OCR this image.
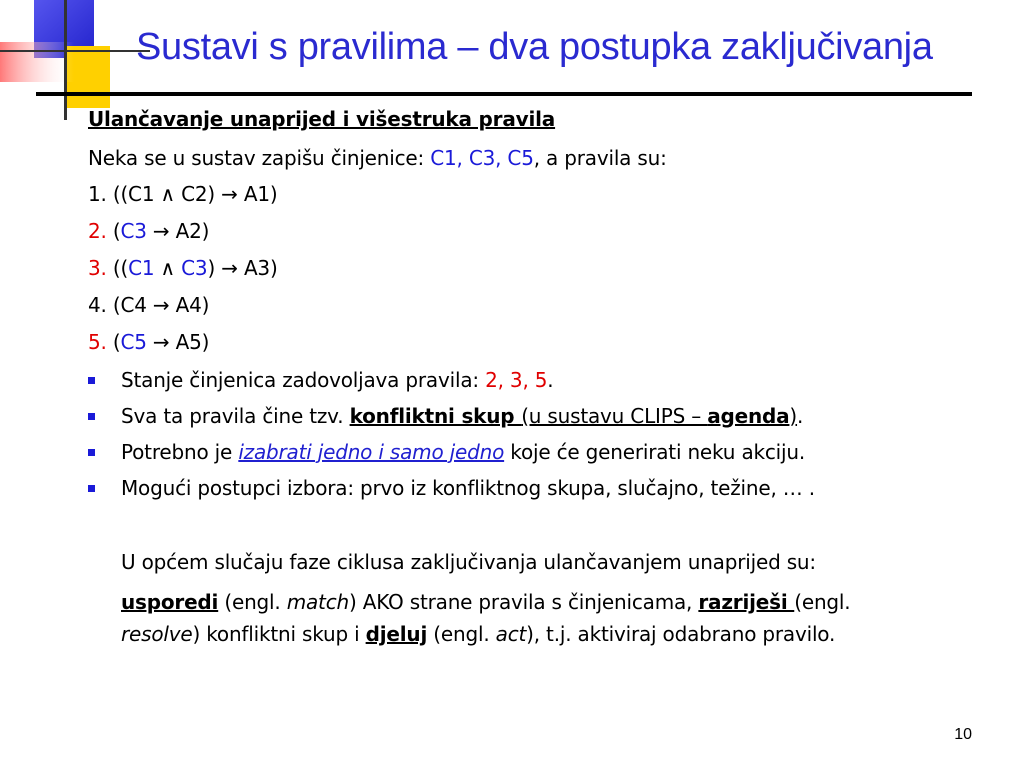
Sustavi s pravilima – dva postupka zaključivanja
Ulančavanje unaprijed i višestruka pravila
Neka se u sustav zapišu činjenice: C1, C3, C5, a pravila su:
1. ((C1 ∧ C2) → A1)
2. (C3 → A2)
3. ((C1 ∧ C3) → A3)
4. (C4 → A4)
5. (C5 → A5)
Stanje činjenica zadovoljava pravila: 2, 3, 5.
Sva ta pravila čine tzv. konfliktni skup (u sustavu CLIPS – agenda).
Potrebno je izabrati jedno i samo jedno koje će generirati neku akciju.
Mogući postupci izbora: prvo iz konfliktnog skupa, slučajno, težine, … .
U općem slučaju faze ciklusa zaključivanja ulančavanjem unaprijed su:
usporedi (engl. match) AKO strane pravila s činjenicama, razriješi (engl.
resolve) konfliktni skup i djeluj (engl. act), t.j. aktiviraj odabrano pravilo.
10
